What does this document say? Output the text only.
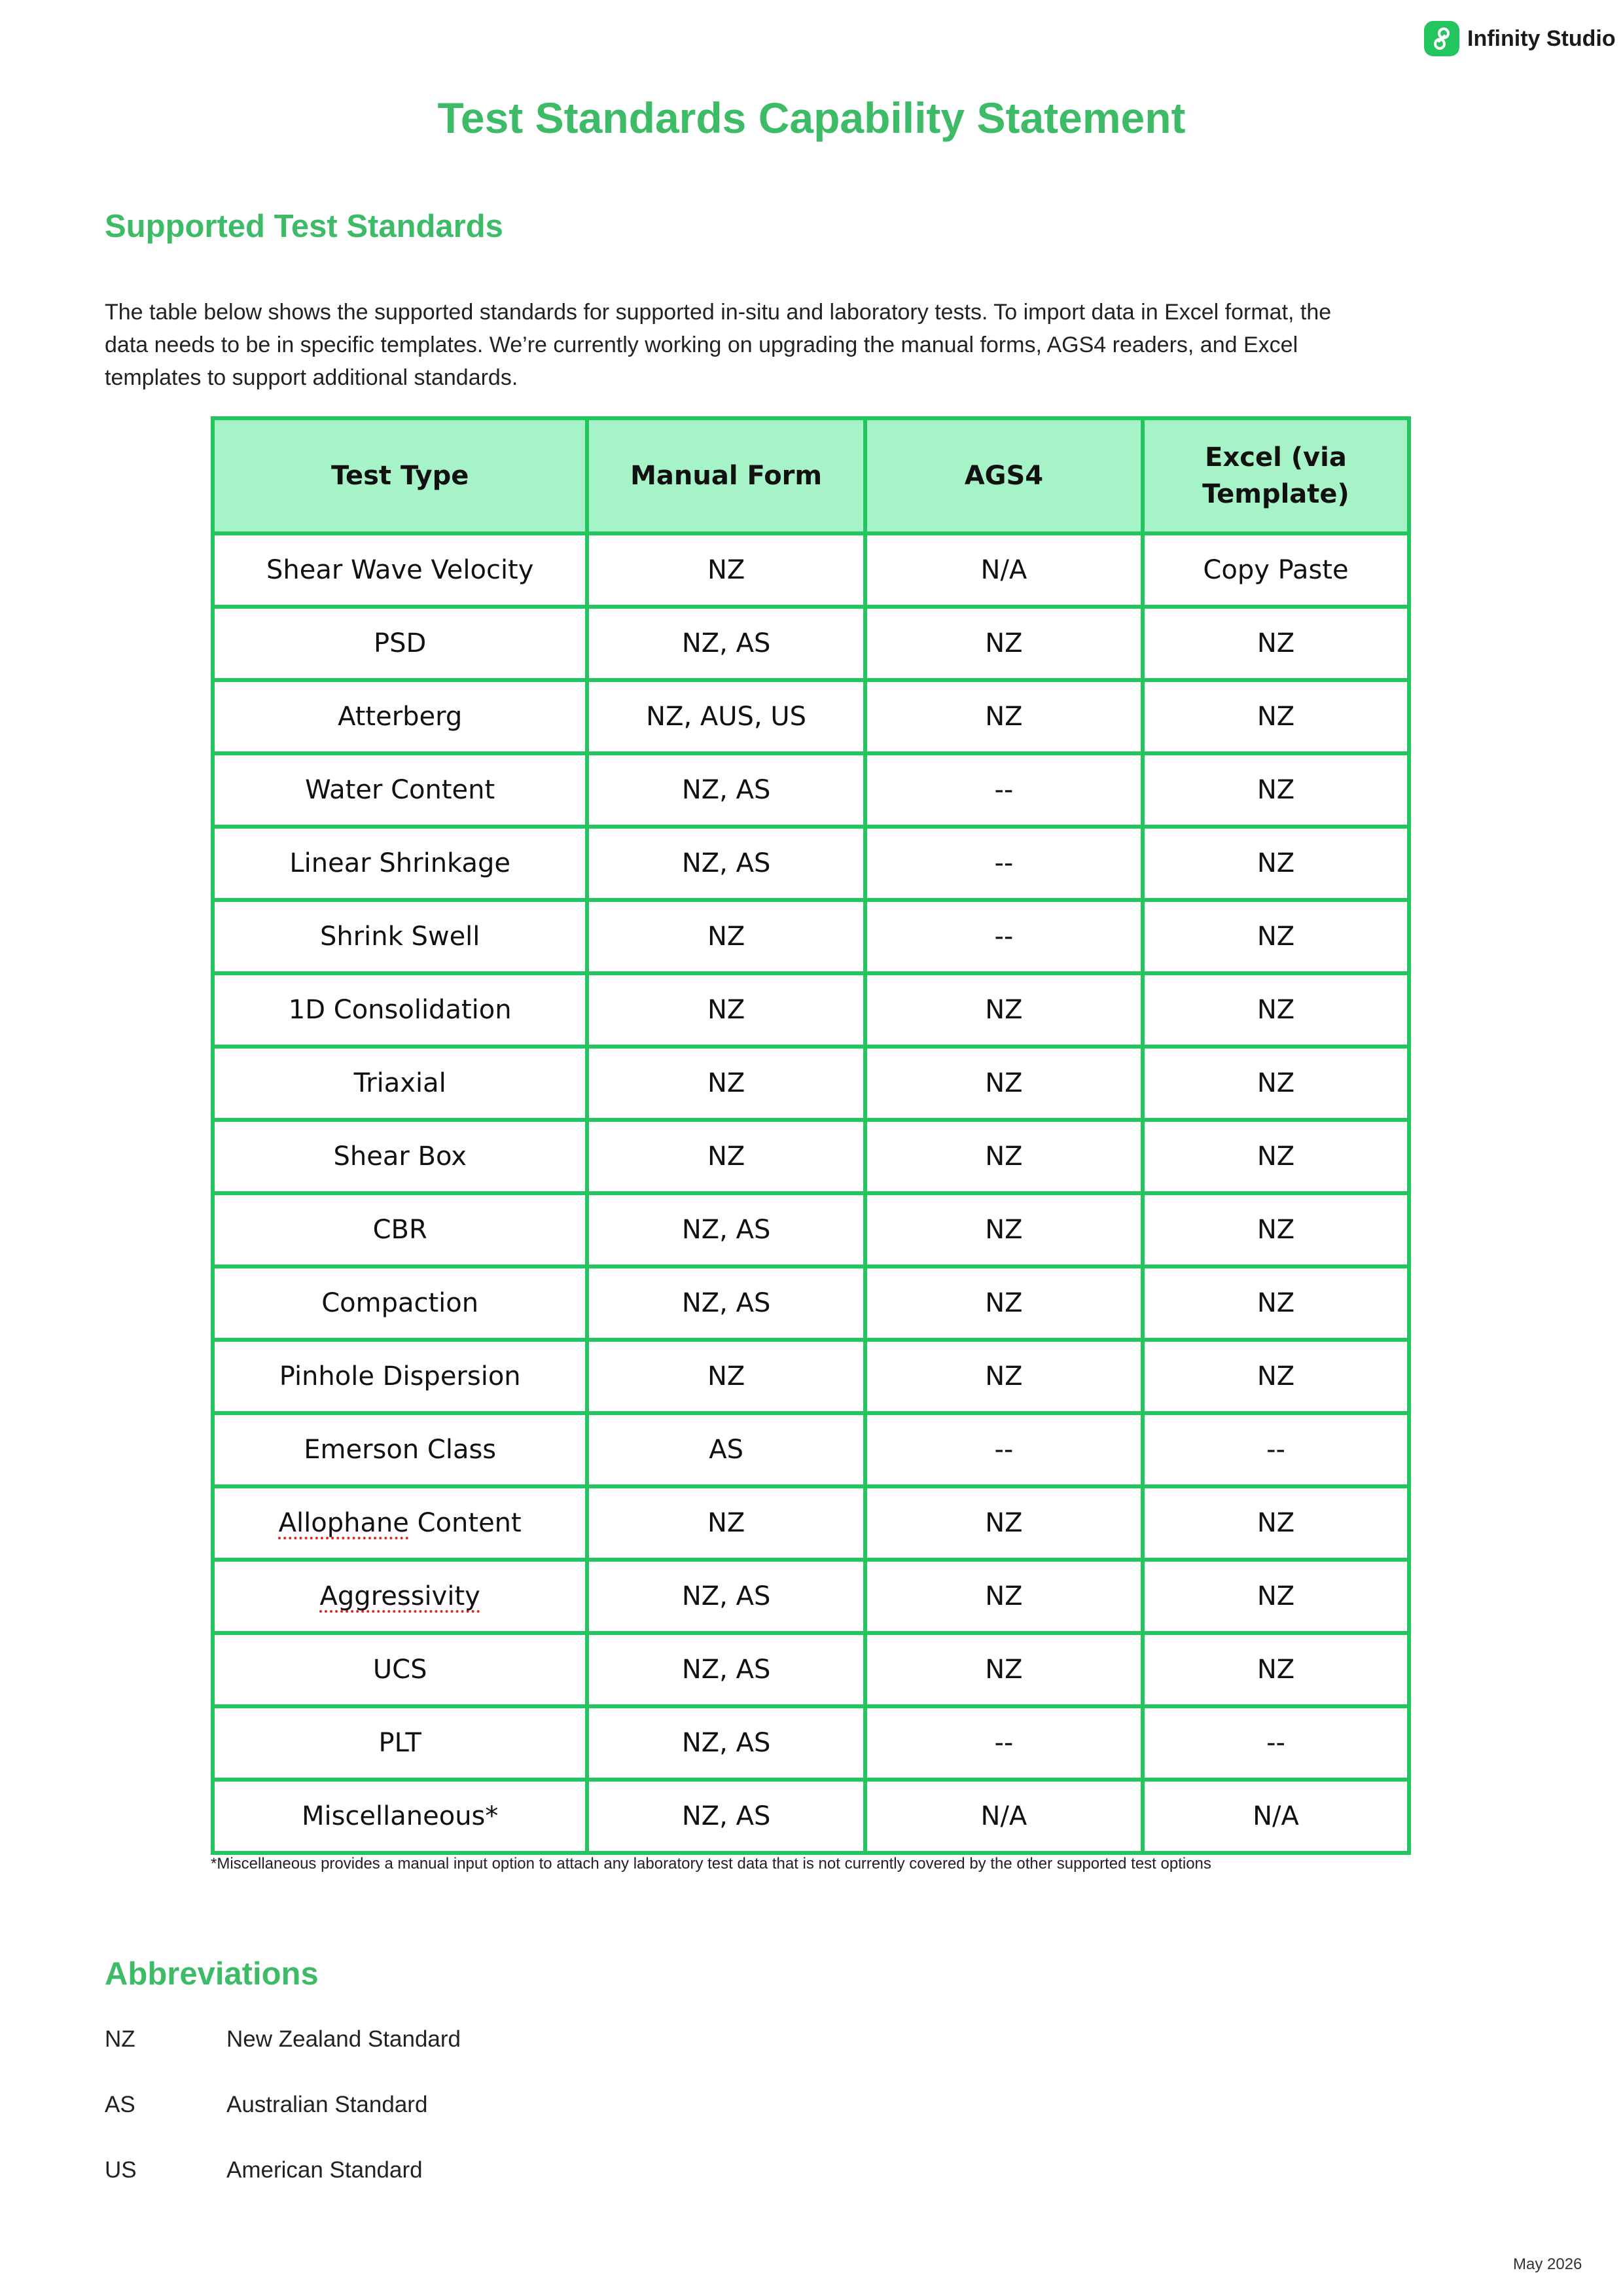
Infinity Studio
Test Standards Capability Statement
Supported Test Standards

The table below shows the supported standards for supported in-situ and laboratory tests. To import data in Excel format, the data needs to be in specific templates. We’re currently working on upgrading the manual forms, AGS4 readers, and Excel templates to support additional standards.

Test Type	Manual Form	AGS4	Excel (via Template)

Shear Wave Velocity	NZ	N/A	Copy Paste
PSD	NZ, AS	NZ	NZ
Atterberg	NZ, AUS, US	NZ	NZ
Water Content	NZ, AS	--	NZ
Linear Shrinkage	NZ, AS	--	NZ
Shrink Swell	NZ	--	NZ
1D Consolidation	NZ	NZ	NZ
Triaxial	NZ	NZ	NZ
Shear Box	NZ	NZ	NZ
CBR	NZ, AS	NZ	NZ
Compaction	NZ, AS	NZ	NZ
Pinhole Dispersion	NZ	NZ	NZ
Emerson Class	AS	--	--
Allophane Content	NZ	NZ	NZ
Aggressivity	NZ, AS	NZ	NZ
UCS	NZ, AS	NZ	NZ
PLT	NZ, AS	--	--
Miscellaneous*	NZ, AS	N/A	N/A
*Miscellaneous provides a manual input option to attach any laboratory test data that is not currently covered by the other supported test options
Abbreviations
NZ	New Zealand Standard
AS	Australian Standard
US	American Standard
May 2026
